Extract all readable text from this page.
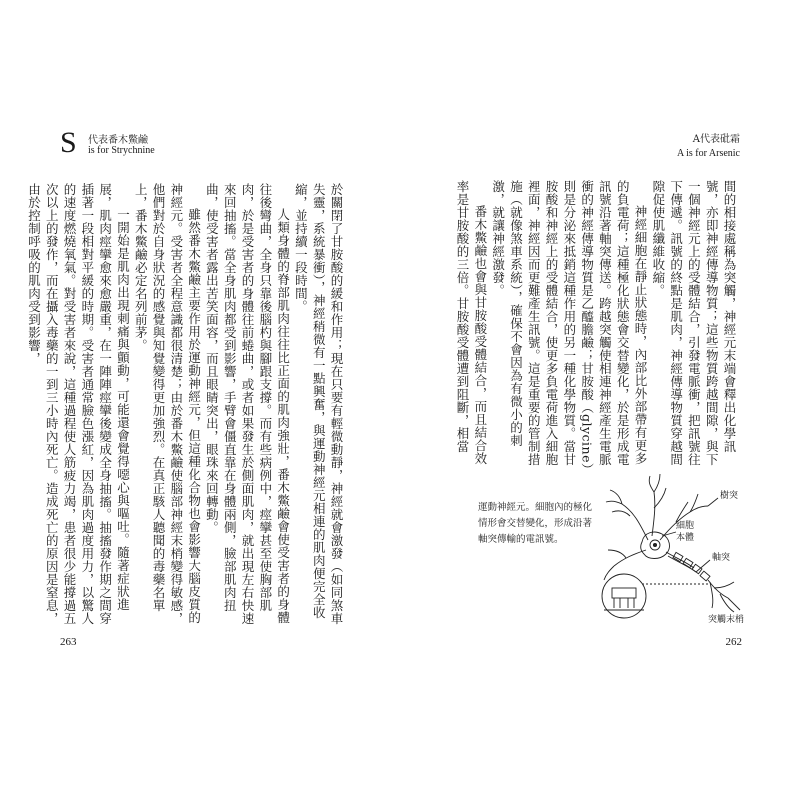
S 代表番木鱉鹼
is for Strychnine
於關閉了甘胺酸的緩和作用；現在只要有輕微動靜，神經就會激發（如同煞車失靈，系統暴衝），神經稍微有一點興奮，與運動神經元相連的肌肉便完全收縮，並持續一段時間。
人類身體的脊部肌肉往往比正面的肌肉強壯，番木鱉鹼會使受害者的身體往後彎曲，全身只靠後腦杓與腳跟支撐。而有些病例中，痙攣甚至使胸部肌肉，於是受害者的身體往前蜷曲，或者如果發生於側面肌肉，就出現左右快速來回抽搐。當全身肌肉都受到影響，手臂會僵直靠在身體兩側，臉部肌肉扭曲，使受害者露出苦笑面容，而且眼睛突出，眼珠來回轉動。
雖然番木鱉鹼主要作用於運動神經元，但這種化合物也會影響大腦皮質的神經元。受害者全程意識都很清楚；由於番木鱉鹼使腦部神經末梢變得敏感，他們對於自身狀況的感覺與知覺變得更加強烈。在真正駭人聽聞的毒藥名單上，番木鱉鹼必定名列前茅。
一開始是肌肉出現刺痛與顫動，可能還會覺得噁心與嘔吐。隨著症狀進展，肌肉痙攣愈來愈嚴重，在一陣陣痙攣後變成全身抽搐。抽搐發作期之間穿插著一段相對平緩的時期。受害者通常臉色漲紅，因為肌肉過度用力，以驚人的速度燃燒氧氣。對受害者來說，這種過程使人筋疲力竭，患者很少能撐過五次以上的發作，而在攝入毒藥的一到三小時內死亡。造成死亡的原因是窒息，由於控制呼吸的肌肉受到影響，
263
A代表砒霜
A is for Arsenic
間的相接處稱為突觸，神經元末端會釋出化學訊號，亦即神經傳導物質；這些物質跨越間隙，與下一個神經元上的受體結合，引發電脈衝，把訊號往下傳遞。訊號的終點是肌肉，神經傳導物質穿越間隙促使肌纖維收縮。
神經細胞在靜止狀態時，內部比外部帶有更多的負電荷；這種極化狀態會交替變化，於是形成電訊號沿著軸突傳送。跨越突觸使相連神經產生電脈衝的神經傳導物質是乙醯膽鹼；甘胺酸（glycine）則是分泌來抵銷這種作用的另一種化學物質。當甘胺酸和神經上的受體結合，使更多負電荷進入細胞裡面，神經因而更難產生訊號。這是重要的管制措施（就像煞車系統），確保不會因為有微小的刺激，就讓神經激發。
番木鱉鹼也會與甘胺酸受體結合，而且結合效率是甘胺酸的三倍。甘胺酸受體遭到阻斷，相當
運動神經元。細胞內的極化情形會交替變化，形成沿著軸突傳輸的電訊號。
樹突
細胞本體
軸突
突觸末梢
262
